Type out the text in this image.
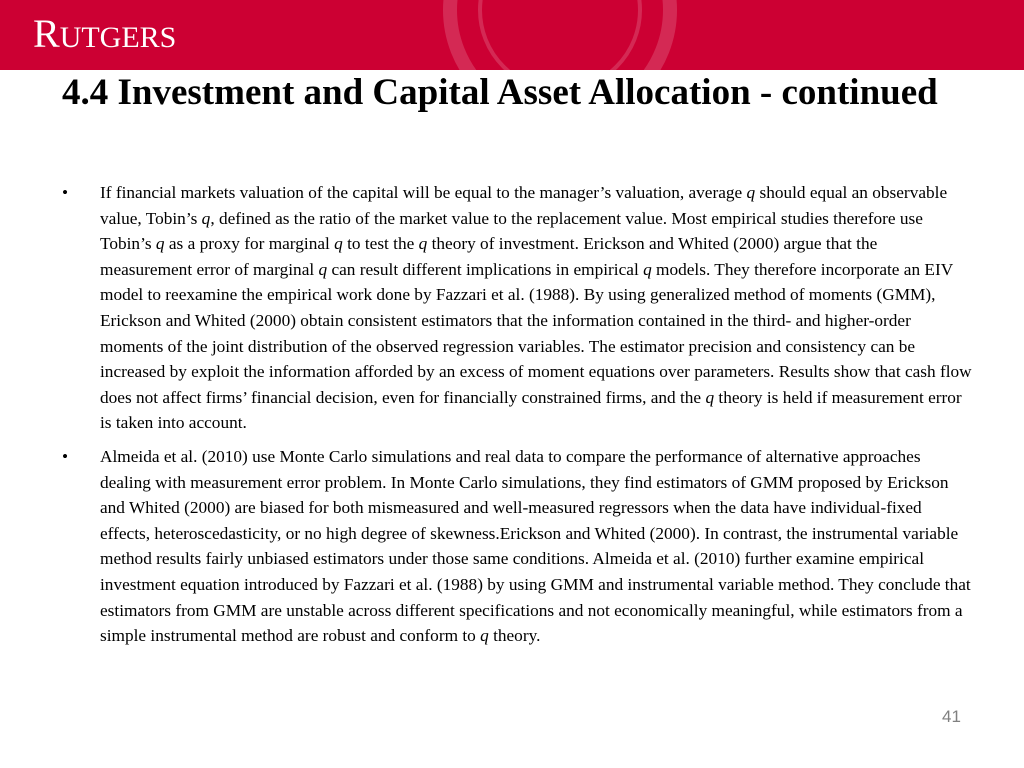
RUTGERS
4.4 Investment and Capital Asset Allocation - continued
• If financial markets valuation of the capital will be equal to the manager’s valuation, average q should equal an observable value, Tobin’s q, defined as the ratio of the market value to the replacement value. Most empirical studies therefore use Tobin’s q as a proxy for marginal q to test the q theory of investment. Erickson and Whited (2000) argue that the measurement error of marginal q can result different implications in empirical q models. They therefore incorporate an EIV model to reexamine the empirical work done by Fazzari et al. (1988). By using generalized method of moments (GMM), Erickson and Whited (2000) obtain consistent estimators that the information contained in the third- and higher-order moments of the joint distribution of the observed regression variables. The estimator precision and consistency can be increased by exploit the information afforded by an excess of moment equations over parameters. Results show that cash flow does not affect firms’ financial decision, even for financially constrained firms, and the q theory is held if measurement error is taken into account.
• Almeida et al. (2010) use Monte Carlo simulations and real data to compare the performance of alternative approaches dealing with measurement error problem. In Monte Carlo simulations, they find estimators of GMM proposed by Erickson and Whited (2000) are biased for both mismeasured and well-measured regressors when the data have individual-fixed effects, heteroscedasticity, or no high degree of skewness.Erickson and Whited (2000). In contrast, the instrumental variable method results fairly unbiased estimators under those same conditions. Almeida et al. (2010) further examine empirical investment equation introduced by Fazzari et al. (1988) by using GMM and instrumental variable method. They conclude that estimators from GMM are unstable across different specifications and not economically meaningful, while estimators from a simple instrumental method are robust and conform to q theory.
41
